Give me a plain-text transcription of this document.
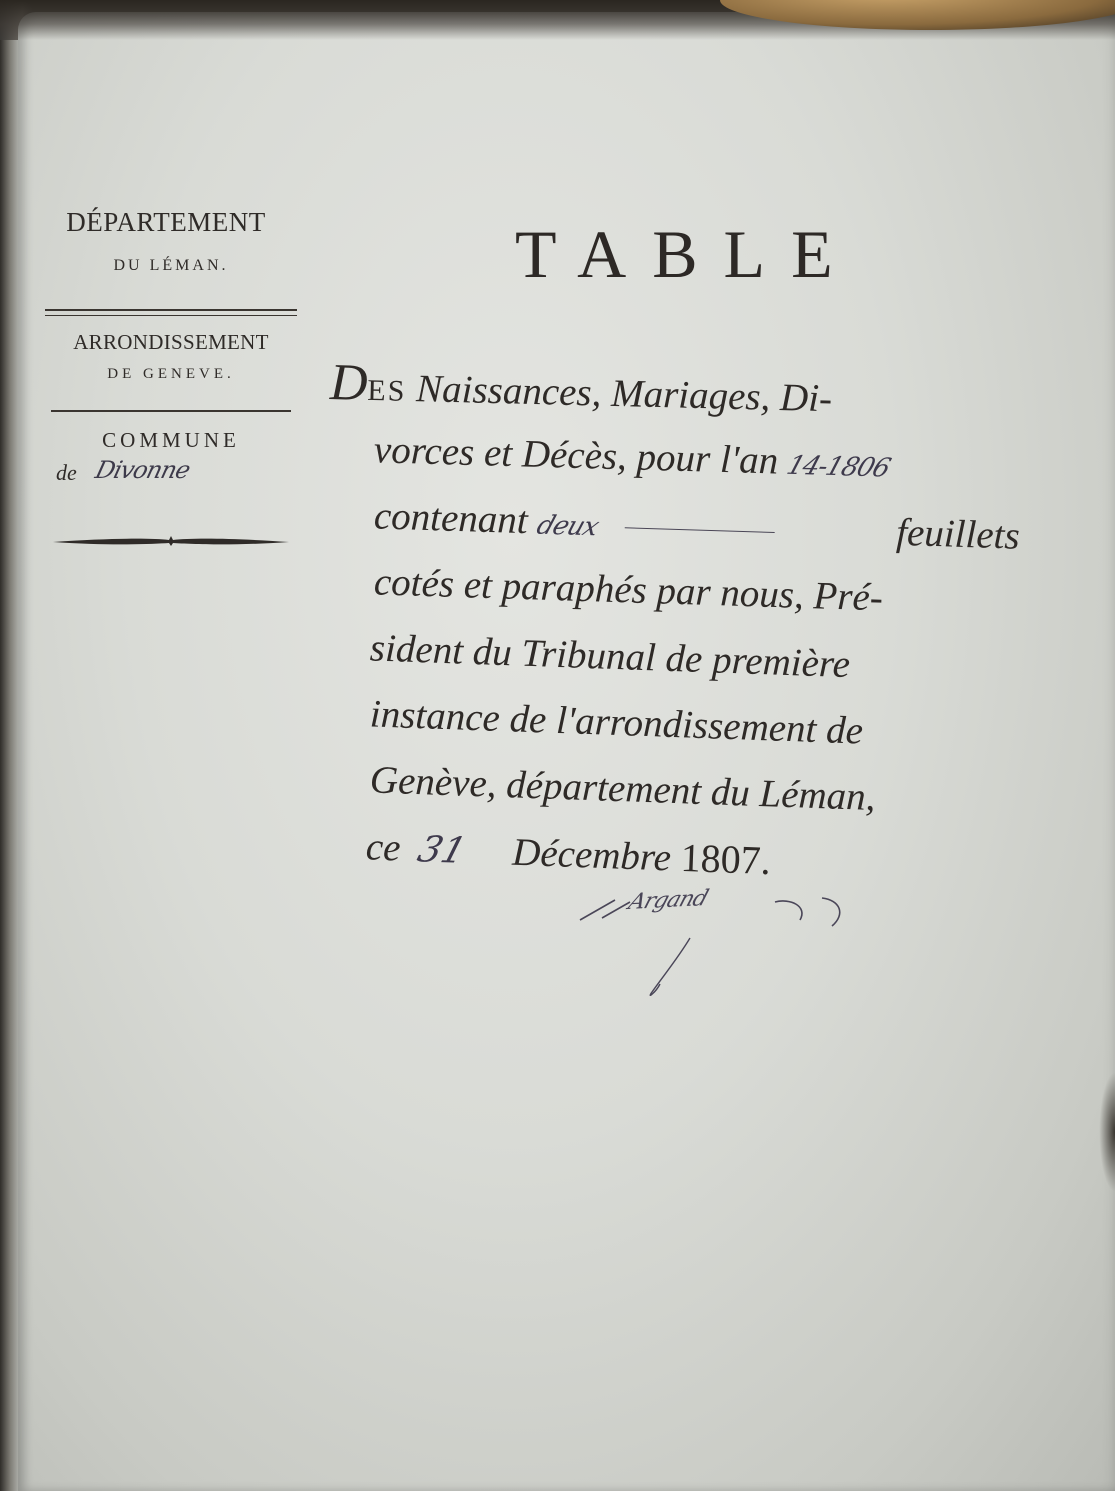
DÉPARTEMENT
DU LÉMAN.
ARRONDISSEMENT
DE GENEVE.
COMMUNE
de Divonne
TABLE
DES Naissances, Mariages, Di-
vorces et Décès, pour l'an 14-1806
contenant deux	feuillets
cotés et paraphés par nous, Pré-
sident du Tribunal de première
instance de l'arrondissement de
Genève, département du Léman,
ce 31 Décembre 1807.
Argand
